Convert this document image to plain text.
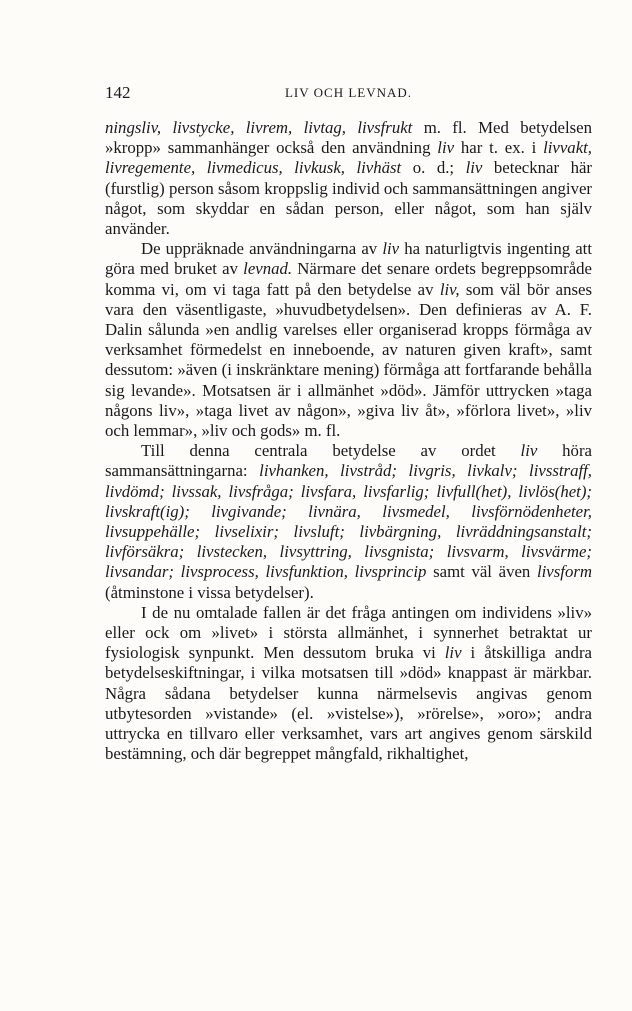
142	LIV OCH LEVNAD.

ningsliv, livstycke, livrem, livtag, livsfrukt m. fl. Med betydelsen »kropp» sammanhänger också den användning liv har t. ex. i livvakt, livregemente, livmedicus, livkusk, livhäst o. d.; liv betecknar här (furstlig) person såsom kroppslig individ och sammansättningen angiver något, som skyddar en sådan person, eller något, som han själv använder.

De uppräknade användningarna av liv ha naturligtvis ingenting att göra med bruket av levnad. Närmare det senare ordets begreppsområde komma vi, om vi taga fatt på den betydelse av liv, som väl bör anses vara den väsentligaste, »huvudbetydelsen». Den definieras av A. F. Dalin sålunda »en andlig varelses eller organiserad kropps förmåga av verksamhet förmedelst en inneboende, av naturen given kraft», samt dessutom: »även (i inskränktare mening) förmåga att fortfarande behålla sig levande». Motsatsen är i allmänhet »död». Jämför uttrycken »taga någons liv», »taga livet av någon», »giva liv åt», »förlora livet», »liv och lemmar», »liv och gods» m. fl.

Till denna centrala betydelse av ordet liv höra sammansättningarna: livhanken, livstråd; livgris, livkalv; livsstraff, livdömd; livssak, livsfråga; livsfara, livsfarlig; livfull(het), livlös(het); livskraft(ig); livgivande; livnära, livsmedel, livsförnödenheter, livsuppehälle; livselixir; livsluft; livbärgning, livräddningsanstalt; livförsäkra; livstecken, livsyttring, livsgnista; livsvarm, livsvärme; livsandar; livsprocess, livsfunktion, livsprincip samt väl även livsform (åtminstone i vissa betydelser).

I de nu omtalade fallen är det fråga antingen om individens »liv» eller ock om »livet» i största allmänhet, i synnerhet betraktat ur fysiologisk synpunkt. Men dessutom bruka vi liv i åtskilliga andra betydelseskiftningar, i vilka motsatsen till »död» knappast är märkbar. Några sådana betydelser kunna närmelsevis angivas genom utbytesorden »vistande» (el. »vistelse»), »rörelse», »oro»; andra uttrycka en tillvaro eller verksamhet, vars art angives genom särskild bestämning, och där begreppet mångfald, rikhaltighet,
